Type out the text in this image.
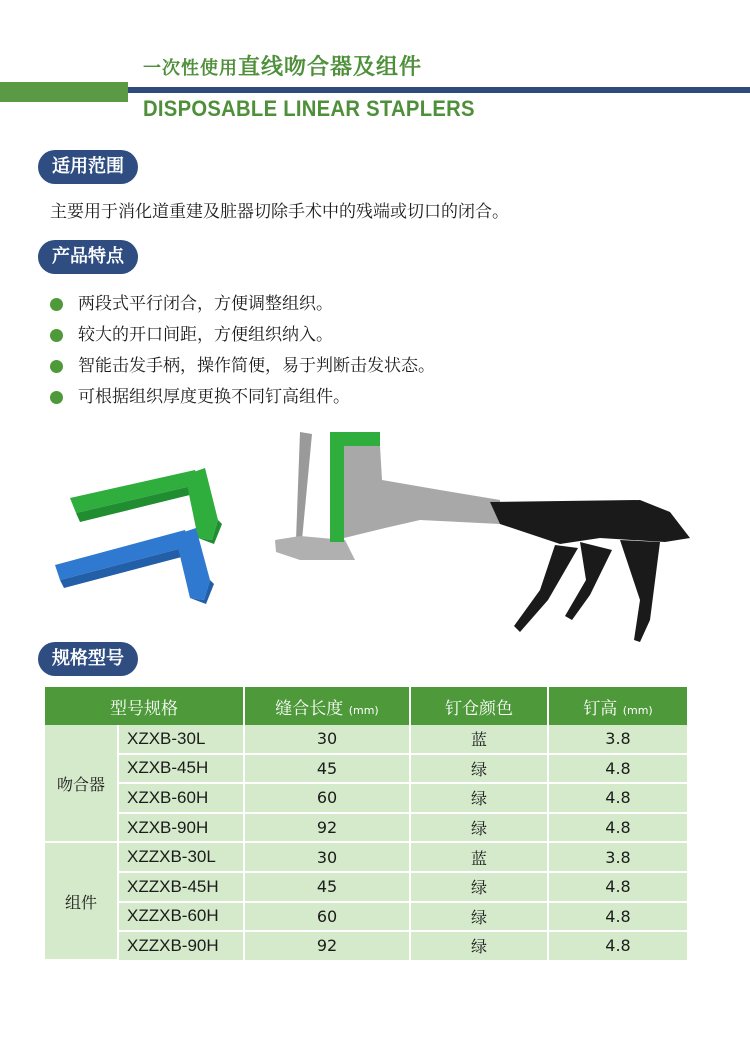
一次性使用直线吻合器及组件
DISPOSABLE LINEAR STAPLERS
适用范围
主要用于消化道重建及脏器切除手术中的残端或切口的闭合。
产品特点
两段式平行闭合，方便调整组织。
较大的开口间距，方便组织纳入。
智能击发手柄，操作简便，易于判断击发状态。
可根据组织厚度更换不同钉高组件。
规格型号
型号规格		缝合长度 (mm)	钉仓颜色	钉高 (mm)
吻合器	XZXB-30L	30	蓝	3.8
	XZXB-45H	45	绿	4.8
	XZXB-60H	60	绿	4.8
	XZXB-90H	92	绿	4.8
组件	XZZXB-30L	30	蓝	3.8
	XZZXB-45H	45	绿	4.8
	XZZXB-60H	60	绿	4.8
	XZZXB-90H	92	绿	4.8
